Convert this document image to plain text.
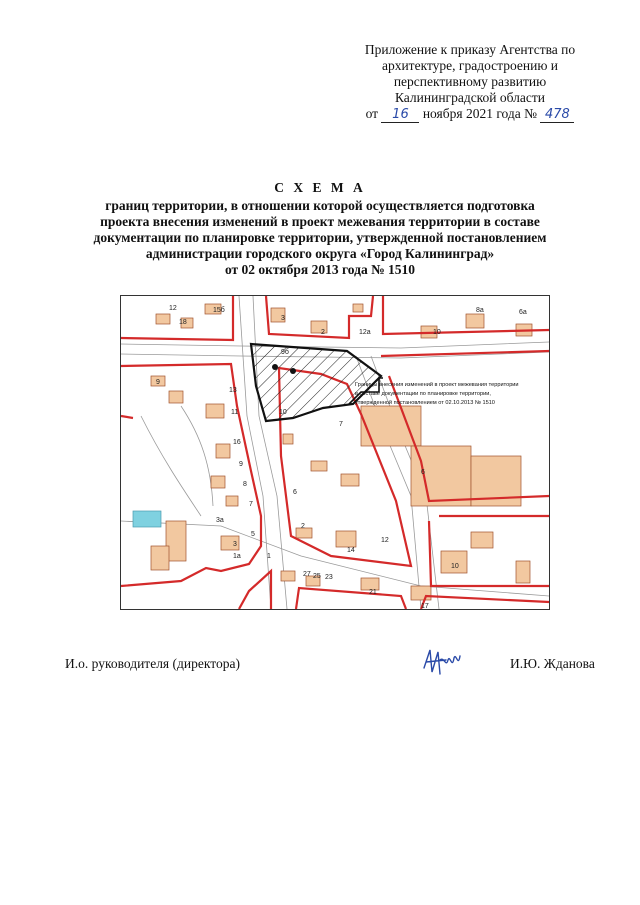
Приложение к приказу Агентства по
архитектуре, градостроению и
перспективному развитию
Калининградской области
от 16 ноября 2021 года № 478
С Х Е М А
границ территории, в отношении которой осуществляется подготовка
проекта внесения изменений в проект межевания территории в составе
документации по планировке территории, утвержденной постановлением
администрации городского округа «Город Калининград»
от 02 октября 2013 года № 1510
Границы внесения изменений в проект межевания территории
в составе документации по планировке территории,
утвержденной постановлением от 02.10.2013 № 1510
12
18
15б
3
2	12а	10
8а	6а
9
13
11
16
10
9
8
7
6
5
3а
3
1а	1
2
14
12
10
6
27 25 23
21
17
9б
7
И.о. руководителя (директора)	И.Ю. Жданова
